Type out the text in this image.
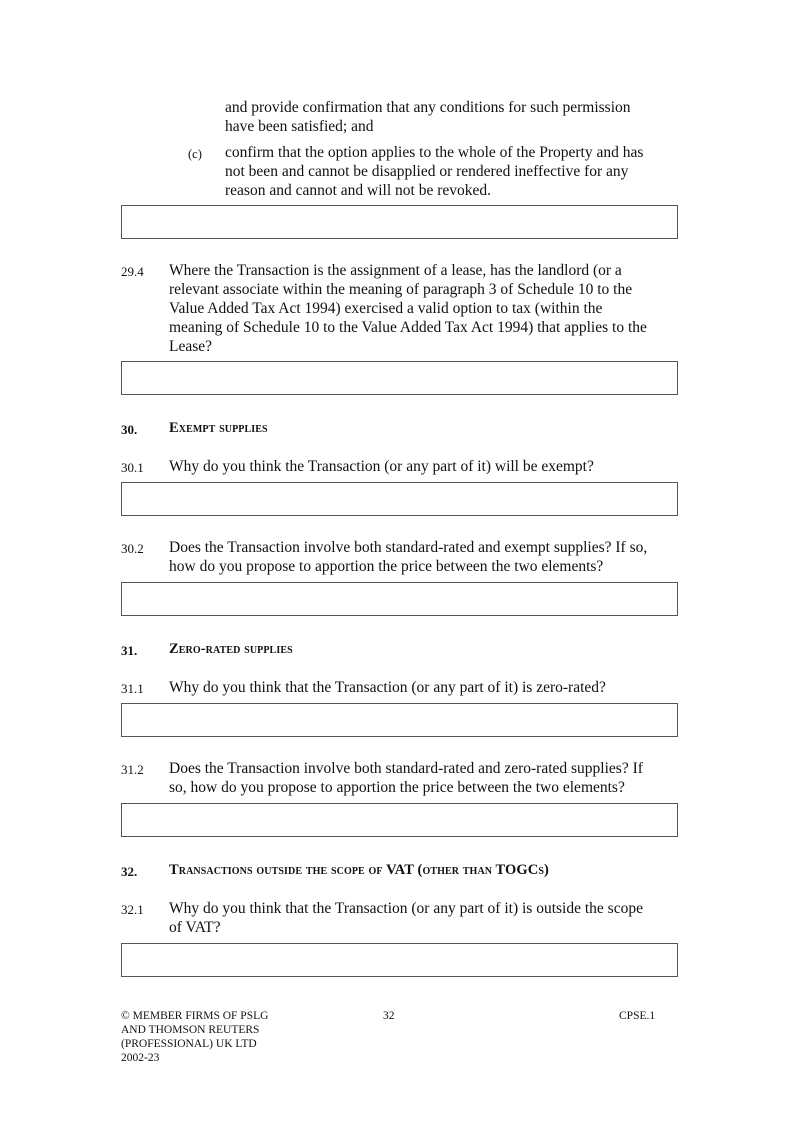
and provide confirmation that any conditions for such permission
have been satisfied; and
(c) confirm that the option applies to the whole of the Property and has
not been and cannot be disapplied or rendered ineffective for any
reason and cannot and will not be revoked.
29.4 Where the Transaction is the assignment of a lease, has the landlord (or a
relevant associate within the meaning of paragraph 3 of Schedule 10 to the
Value Added Tax Act 1994) exercised a valid option to tax (within the
meaning of Schedule 10 to the Value Added Tax Act 1994) that applies to the
Lease?
30. Exempt supplies
30.1 Why do you think the Transaction (or any part of it) will be exempt?
30.2 Does the Transaction involve both standard-rated and exempt supplies? If so,
how do you propose to apportion the price between the two elements?
31. Zero-rated supplies
31.1 Why do you think that the Transaction (or any part of it) is zero-rated?
31.2 Does the Transaction involve both standard-rated and zero-rated supplies? If
so, how do you propose to apportion the price between the two elements?
32. Transactions outside the scope of VAT (other than TOGCs)
32.1 Why do you think that the Transaction (or any part of it) is outside the scope
of VAT?
© MEMBER FIRMS OF PSLG
AND THOMSON REUTERS
(PROFESSIONAL) UK LTD
2002-23
32	CPSE.1
